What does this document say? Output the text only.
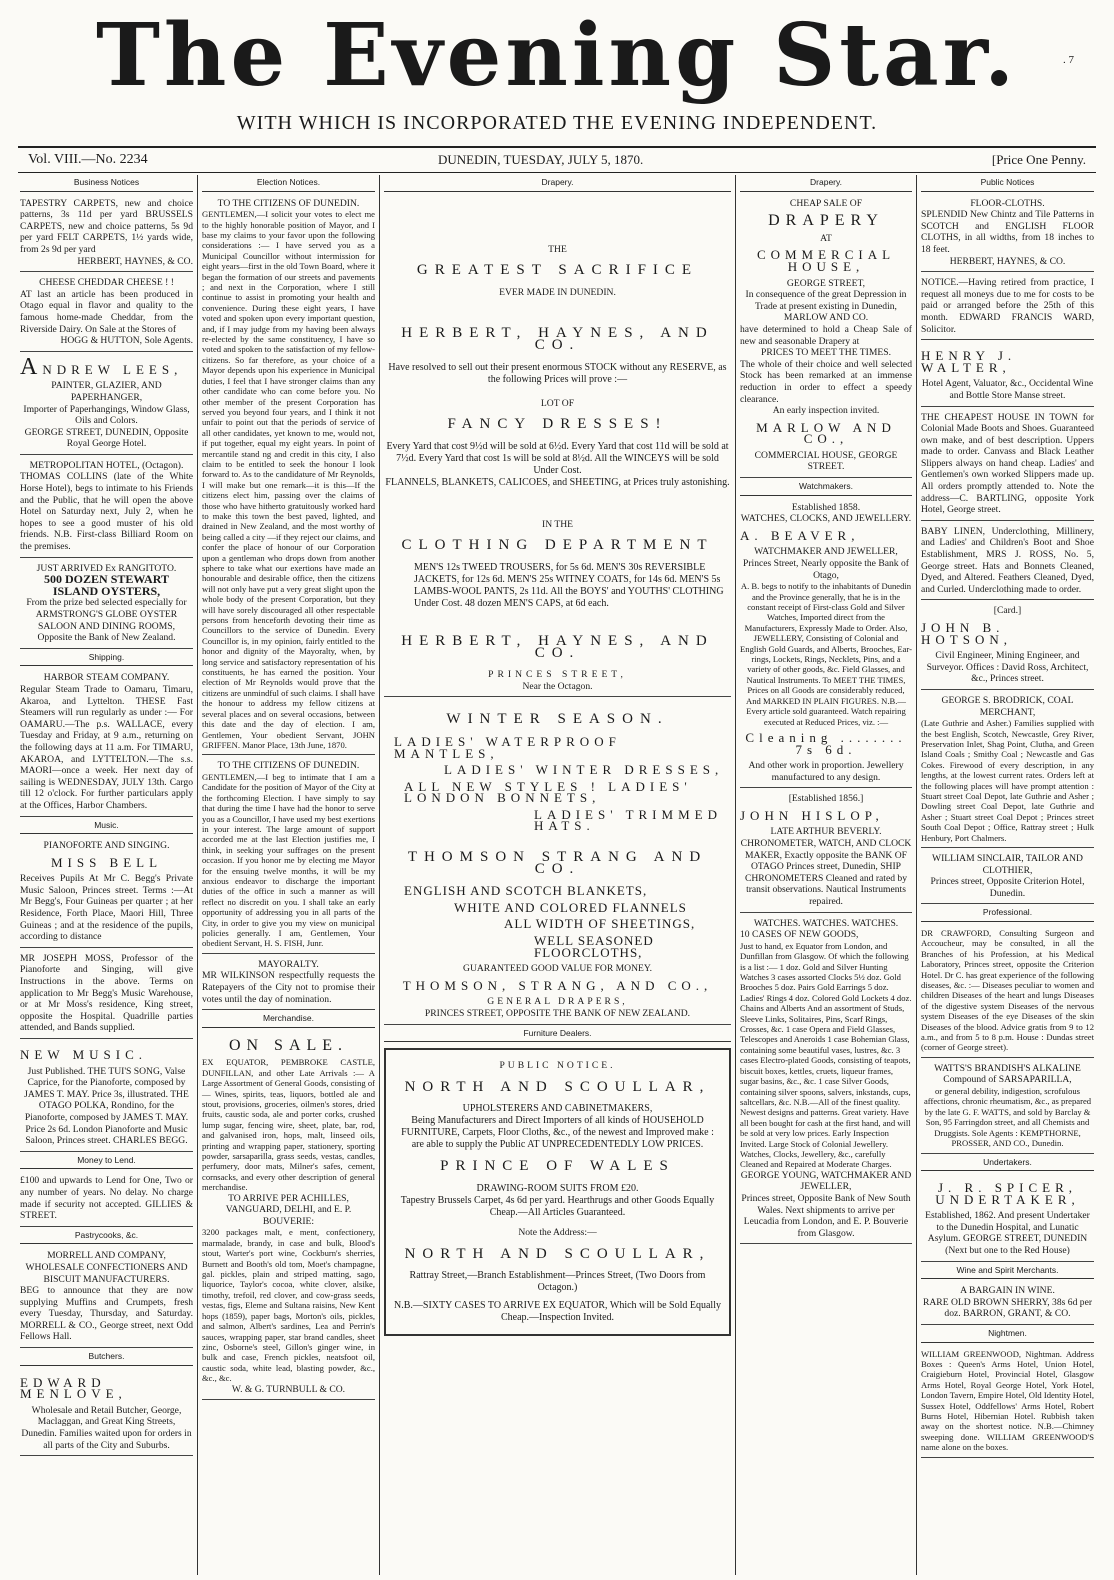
The Evening Star.
WITH WHICH IS INCORPORATED THE EVENING INDEPENDENT.
. 7
Vol. VIII.—No. 2234	DUNEDIN, TUESDAY, JULY 5, 1870.	[Price One Penny.
Business Notices
TAPESTRY CARPETS, new and choice patterns, 3s 11d per yard BRUSSELS CARPETS, new and choice patterns, 5s 9d per yard FELT CARPETS, 1½ yards wide, from 2s 9d per yard
HERBERT, HAYNES, & CO.
CHEESE CHEDDAR CHEESE ! !
AT last an article has been produced in Otago equal in flavor and quality to the famous home-made Cheddar, from the Riverside Dairy. On Sale at the Stores of
HOGG & HUTTON, Sole Agents.
ANDREW LEES,
PAINTER, GLAZIER, AND PAPERHANGER,
Importer of Paperhangings, Window Glass, Oils and Colors.
GEORGE STREET, DUNEDIN, Opposite Royal George Hotel.
METROPOLITAN HOTEL, (Octagon).
THOMAS COLLINS (late of the White Horse Hotel), begs to intimate to his Friends and the Public, that he will open the above Hotel on Saturday next, July 2, when he hopes to see a good muster of his old friends. N.B. First-class Billiard Room on the premises.
JUST ARRIVED Ex RANGITOTO.
500 DOZEN STEWART ISLAND OYSTERS,
From the prize bed selected especially for ARMSTRONG'S GLOBE OYSTER SALOON AND DINING ROOMS, Opposite the Bank of New Zealand.
Shipping.
HARBOR STEAM COMPANY.
Regular Steam Trade to Oamaru, Timaru, Akaroa, and Lyttelton. THESE Fast Steamers will run regularly as under :— For OAMARU.—The p.s. WALLACE, every Tuesday and Friday, at 9 a.m., returning on the following days at 11 a.m. For TIMARU, AKAROA, and LYTTELTON.—The s.s. MAORI—once a week. Her next day of sailing is WEDNESDAY, JULY 13th. Cargo till 12 o'clock. For further particulars apply at the Offices, Harbor Chambers.
Music.
PIANOFORTE AND SINGING.
MISS BELL
Receives Pupils At Mr C. Begg's Private Music Saloon, Princes street. Terms :—At Mr Begg's, Four Guineas per quarter ; at her Residence, Forth Place, Maori Hill, Three Guineas ; and at the residence of the pupils, according to distance
MR JOSEPH MOSS, Professor of the Pianoforte and Singing, will give Instructions in the above. Terms on application to Mr Begg's Music Warehouse, or at Mr Moss's residence, King street, opposite the Hospital. Quadrille parties attended, and Bands supplied.
NEW MUSIC.
Just Published. THE TUI'S SONG, Valse Caprice, for the Pianoforte, composed by JAMES T. MAY. Price 3s, illustrated. THE OTAGO POLKA, Rondino, for the Pianoforte, composed by JAMES T. MAY. Price 2s 6d. London Pianoforte and Music Saloon, Princes street. CHARLES BEGG.
Money to Lend.
£100 and upwards to Lend for One, Two or any number of years. No delay. No charge made if security not accepted. GILLIES & STREET.
Pastrycooks, &c.
MORRELL AND COMPANY, WHOLESALE CONFECTIONERS AND BISCUIT MANUFACTURERS.
BEG to announce that they are now supplying Muffins and Crumpets, fresh every Tuesday, Thursday, and Saturday. MORRELL & CO., George street, next Odd Fellows Hall.
Butchers.
EDWARD MENLOVE,
Wholesale and Retail Butcher, George, Maclaggan, and Great King Streets, Dunedin. Families waited upon for orders in all parts of the City and Suburbs.
Election Notices.
TO THE CITIZENS OF DUNEDIN.
GENTLEMEN,—I solicit your votes to elect me to the highly honorable position of Mayor, and I base my claims to your favor upon the following considerations :— I have served you as a Municipal Councillor without intermission for eight years—first in the old Town Board, where it began the formation of our streets and pavements ; and next in the Corporation, where I still continue to assist in promoting your health and convenience. During these eight years, I have voted and spoken upon every important question, and, if I may judge from my having been always re-elected by the same constituency, I have so voted and spoken to the satisfaction of my fellow-citizens. So far therefore, as your choice of a Mayor depends upon his experience in Municipal duties, I feel that I have stronger claims than any other candidate who can come before you. No other member of the present Corporation has served you beyond four years, and I think it not unfair to point out that the periods of service of all other candidates, yet known to me, would not, if put together, equal my eight years. In point of mercantile stand ng and credit in this city, I also claim to be entitled to seek the honour I look forward to. As to the candidature of Mr Reynolds, I will make but one remark—it is this—If the citizens elect him, passing over the claims of those who have hitherto gratuitously worked hard to make this town the best paved, lighted, and drained in New Zealand, and the most worthy of being called a city —if they reject our claims, and confer the place of honour of our Corporation upon a gentleman who drops down from another sphere to take what our exertions have made an honourable and desirable office, then the citizens will not only have put a very great slight upon the whole body of the present Corporation, but they will have sorely discouraged all other respectable persons from henceforth devoting their time as Councillors to the service of Dunedin. Every Councillor is, in my opinion, fairly entitled to the honor and dignity of the Mayoralty, when, by long service and satisfactory representation of his constituents, he has earned the position. Your election of Mr Reynolds would prove that the citizens are unmindful of such claims. I shall have the honour to address my fellow citizens at several places and on several occasions, between this date and the day of election. I am, Gentlemen, Your obedient Servant, JOHN GRIFFEN. Manor Place, 13th June, 1870.
TO THE CITIZENS OF DUNEDIN.
GENTLEMEN,—I beg to intimate that I am a Candidate for the position of Mayor of the City at the forthcoming Election. I have simply to say that during the time I have had the honor to serve you as a Councillor, I have used my best exertions in your interest. The large amount of support accorded me at the last Election justifies me, I think, in seeking your suffrages on the present occasion. If you honor me by electing me Mayor for the ensuing twelve months, it will be my anxious endeavor to discharge the important duties of the office in such a manner as will reflect no discredit on you. I shall take an early opportunity of addressing you in all parts of the City, in order to give you my view on municipal policies generally. I am, Gentlemen, Your obedient Servant, H. S. FISH, Junr.
MAYORALTY.
MR WILKINSON respectfully requests the Ratepayers of the City not to promise their votes until the day of nomination.
Merchandise.
ON SALE.
EX EQUATOR, PEMBROKE CASTLE, DUNFILLAN, and other Late Arrivals :— A Large Assortment of General Goods, consisting of— Wines, spirits, teas, liquors, bottled ale and stout, provisions, groceries, oilmen's stores, dried fruits, caustic soda, ale and porter corks, crushed lump sugar, fencing wire, sheet, plate, bar, rod, and galvanised iron, hops, malt, linseed oils, printing and wrapping paper, stationery, sporting powder, sarsaparilla, grass seeds, vestas, candles, perfumery, door mats, Milner's safes, cement, cornsacks, and every other description of general merchandise.
TO ARRIVE PER ACHILLES, VANGUARD, DELHI, and E. P. BOUVERIE:
3200 packages malt, e ment, confectionery, marmalade, brandy, in case and bulk, Blood's stout, Warter's port wine, Cockburn's sherries, Burnett and Booth's old tom, Moet's champagne, gal. pickles, plain and striped matting, sago, liquorice, Taylor's cocoa, white clover, alsike, timothy, trefoil, red clover, and cow-grass seeds, vestas, figs, Eleme and Sultana raisins, New Kent hops (1859), paper bags, Morton's oils, pickles, and salmon, Albert's sardines, Lea and Perrin's sauces, wrapping paper, star brand candles, sheet zinc, Osborne's steel, Gillon's ginger wine, in bulk and case, French pickles, neatsfoot oil, caustic soda, white lead, blasting powder, &c., &c., &c.
W. & G. TURNBULL & CO.
Drapery.
THE
GREATEST SACRIFICE
EVER MADE IN DUNEDIN.
HERBERT, HAYNES, AND CO.
Have resolved to sell out their present enormous STOCK without any RESERVE, as the following Prices will prove :—
LOT OF
FANCY DRESSES!
Every Yard that cost 9½d will be sold at 6½d. Every Yard that cost 11d will be sold at 7½d. Every Yard that cost 1s will be sold at 8½d. All the WINCEYS will be sold Under Cost.
FLANNELS, BLANKETS, CALICOES, and SHEETING, at Prices truly astonishing.
IN THE
CLOTHING DEPARTMENT
MEN'S 12s TWEED TROUSERS, for 5s 6d. MEN'S 30s REVERSIBLE JACKETS, for 12s 6d. MEN'S 25s WITNEY COATS, for 14s 6d. MEN'S 5s LAMBS-WOOL PANTS, 2s 11d. All the BOYS' and YOUTHS' CLOTHING Under Cost. 48 dozen MEN'S CAPS, at 6d each.
HERBERT, HAYNES, AND CO.
PRINCES STREET,
Near the Octagon.
WINTER SEASON.
LADIES' WATERPROOF MANTLES,
LADIES' WINTER DRESSES,
ALL NEW STYLES ! LADIES' LONDON BONNETS,
LADIES' TRIMMED HATS.
THOMSON STRANG AND CO.
ENGLISH AND SCOTCH BLANKETS,
WHITE AND COLORED FLANNELS
ALL WIDTH OF SHEETINGS,
WELL SEASONED FLOORCLOTHS,
GUARANTEED GOOD VALUE FOR MONEY.
THOMSON, STRANG, AND CO.,
GENERAL DRAPERS,
PRINCES STREET, OPPOSITE THE BANK OF NEW ZEALAND.
Furniture Dealers.
PUBLIC NOTICE.
NORTH AND SCOULLAR,
UPHOLSTERERS AND CABINETMAKERS,
Being Manufacturers and Direct Importers of all kinds of HOUSEHOLD FURNITURE, Carpets, Floor Cloths, &c., of the newest and Improved make : are able to supply the Public AT UNPRECEDENTEDLY LOW PRICES.
PRINCE OF WALES
DRAWING-ROOM SUITS FROM £20.
Tapestry Brussels Carpet, 4s 6d per yard. Hearthrugs and other Goods Equally Cheap.—All Articles Guaranteed.
Note the Address:—
NORTH AND SCOULLAR,
Rattray Street,—Branch Establishment—Princes Street, (Two Doors from Octagon.)
N.B.—SIXTY CASES TO ARRIVE EX EQUATOR, Which will be Sold Equally Cheap.—Inspection Invited.
Drapery.
CHEAP SALE OF
DRAPERY
AT
COMMERCIAL HOUSE,
GEORGE STREET,
In consequence of the great Depression in Trade at present existing in Dunedin,
MARLOW AND CO.
have determined to hold a Cheap Sale of new and seasonable Drapery at
PRICES TO MEET THE TIMES.
The whole of their choice and well selected Stock has been remarked at an immense reduction in order to effect a speedy clearance.
An early inspection invited.
MARLOW AND CO.,
COMMERCIAL HOUSE, GEORGE STREET.
Watchmakers.
Established 1858.
WATCHES, CLOCKS, AND JEWELLERY.
A. BEAVER,
WATCHMAKER AND JEWELLER,
Princes Street, Nearly opposite the Bank of Otago,
A. B. begs to notify to the inhabitants of Dunedin and the Province generally, that he is in the constant receipt of First-class Gold and Silver Watches, Imported direct from the Manufacturers, Expressly Made to Order. Also, JEWELLERY, Consisting of Colonial and English Gold Guards, and Alberts, Brooches, Ear-rings, Lockets, Rings, Necklets, Pins, and a variety of other goods, &c. Field Glasses, and Nautical Instruments. To MEET THE TIMES, Prices on all Goods are considerably reduced, And MARKED IN PLAIN FIGURES. N.B.—Every article sold guaranteed. Watch repairing executed at Reduced Prices, viz. :—
Cleaning ........ 7s 6d.
And other work in proportion. Jewellery manufactured to any design.
[Established 1856.]
JOHN HISLOP,
LATE ARTHUR BEVERLY. CHRONOMETER, WATCH, AND CLOCK MAKER, Exactly opposite the BANK OF OTAGO Princes street, Dunedin, SHIP CHRONOMETERS Cleaned and rated by transit observations. Nautical Instruments repaired.
WATCHES. WATCHES. WATCHES.
10 CASES OF NEW GOODS,
Just to hand, ex Equator from London, and Dunfillan from Glasgow. Of which the following is a list :— 1 doz. Gold and Silver Hunting Watches 3 cases assorted Clocks 5½ doz. Gold Brooches 5 doz. Pairs Gold Earrings 5 doz. Ladies' Rings 4 doz. Colored Gold Lockets 4 doz. Chains and Alberts And an assortment of Studs, Sleeve Links, Solitaires, Pins, Scarf Rings, Crosses, &c. 1 case Opera and Field Glasses, Telescopes and Aneroids 1 case Bohemian Glass, containing some beautiful vases, lustres, &c. 3 cases Electro-plated Goods, consisting of teapots, biscuit boxes, kettles, cruets, liqueur frames, sugar basins, &c., &c. 1 case Silver Goods, containing silver spoons, salvers, inkstands, cups, saltcellars, &c. N.B.—All of the finest quality. Newest designs and patterns. Great variety. Have all been bought for cash at the first hand, and will be sold at very low prices. Early Inspection Invited. Large Stock of Colonial Jewellery. Watches, Clocks, Jewellery, &c., carefully Cleaned and Repaired at Moderate Charges.
GEORGE YOUNG, WATCHMAKER AND JEWELLER,
Princes street, Opposite Bank of New South Wales. Next shipments to arrive per Leucadia from London, and E. P. Bouverie from Glasgow.
Public Notices
FLOOR-CLOTHS.
SPLENDID New Chintz and Tile Patterns in SCOTCH and ENGLISH FLOOR CLOTHS, in all widths, from 18 inches to 18 feet.
HERBERT, HAYNES, & CO.
NOTICE.—Having retired from practice, I request all moneys due to me for costs to be paid or arranged before the 25th of this month. EDWARD FRANCIS WARD, Solicitor.
HENRY J. WALTER,
Hotel Agent, Valuator, &c., Occidental Wine and Bottle Store Manse street.
THE CHEAPEST HOUSE IN TOWN for Colonial Made Boots and Shoes. Guaranteed own make, and of best description. Uppers made to order. Canvass and Black Leather Slippers always on hand cheap. Ladies' and Gentlemen's own worked Slippers made up. All orders promptly attended to. Note the address—C. BARTLING, opposite York Hotel, George street.
BABY LINEN, Underclothing, Millinery, and Ladies' and Children's Boot and Shoe Establishment, MRS J. ROSS, No. 5, George street. Hats and Bonnets Cleaned, Dyed, and Altered. Feathers Cleaned, Dyed, and Curled. Underclothing made to order.
[Card.]
JOHN B. HOTSON,
Civil Engineer, Mining Engineer, and Surveyor. Offices : David Ross, Architect, &c., Princes street.
GEORGE S. BRODRICK, COAL MERCHANT,
(Late Guthrie and Asher.) Families supplied with the best English, Scotch, Newcastle, Grey River, Preservation Inlet, Shag Point, Clutha, and Green Island Coals ; Smithy Coal ; Newcastle and Gas Cokes. Firewood of every description, in any lengths, at the lowest current rates. Orders left at the following places will have prompt attention : Stuart street Coal Depot, late Guthrie and Asher ; Dowling street Coal Depot, late Guthrie and Asher ; Stuart street Coal Depot ; Princes street South Coal Depot ; Office, Rattray street ; Hulk Henbury, Port Chalmers.
WILLIAM SINCLAIR, TAILOR AND CLOTHIER,
Princes street, Opposite Criterion Hotel, Dunedin.
Professional.
DR CRAWFORD, Consulting Surgeon and Accoucheur, may be consulted, in all the Branches of his Profession, at his Medical Laboratory, Princes street, opposite the Criterion Hotel. Dr C. has great experience of the following diseases, &c. :— Diseases peculiar to women and children Diseases of the heart and lungs Diseases of the digestive system Diseases of the nervous system Diseases of the eye Diseases of the skin Diseases of the blood. Advice gratis from 9 to 12 a.m., and from 5 to 8 p.m. House : Dundas street (corner of George street).
WATTS'S BRANDISH'S ALKALINE Compound of SARSAPARILLA,
or general debility, indigestion, scrofulous affections, chronic rheumatism, &c., as prepared by the late G. F. WATTS, and sold by Barclay & Son, 95 Farringdon street, and all Chemists and Druggists. Sole Agents : KEMPTHORNE, PROSSER, AND CO., Dunedin.
Undertakers.
J. R. SPICER, UNDERTAKER,
Established, 1862. And present Undertaker to the Dunedin Hospital, and Lunatic Asylum. GEORGE STREET, DUNEDIN (Next but one to the Red House)
Wine and Spirit Merchants.
A BARGAIN IN WINE.
RARE OLD BROWN SHERRY, 38s 6d per doz. BARRON, GRANT, & CO.
Nightmen.
WILLIAM GREENWOOD, Nightman. Address Boxes : Queen's Arms Hotel, Union Hotel, Craigieburn Hotel, Provincial Hotel, Glasgow Arms Hotel, Royal George Hotel, York Hotel, London Tavern, Empire Hotel, Old Identity Hotel, Sussex Hotel, Oddfellows' Arms Hotel, Robert Burns Hotel, Hibernian Hotel. Rubbish taken away on the shortest notice. N.B.—Chimney sweeping done. WILLIAM GREENWOOD'S name alone on the boxes.
